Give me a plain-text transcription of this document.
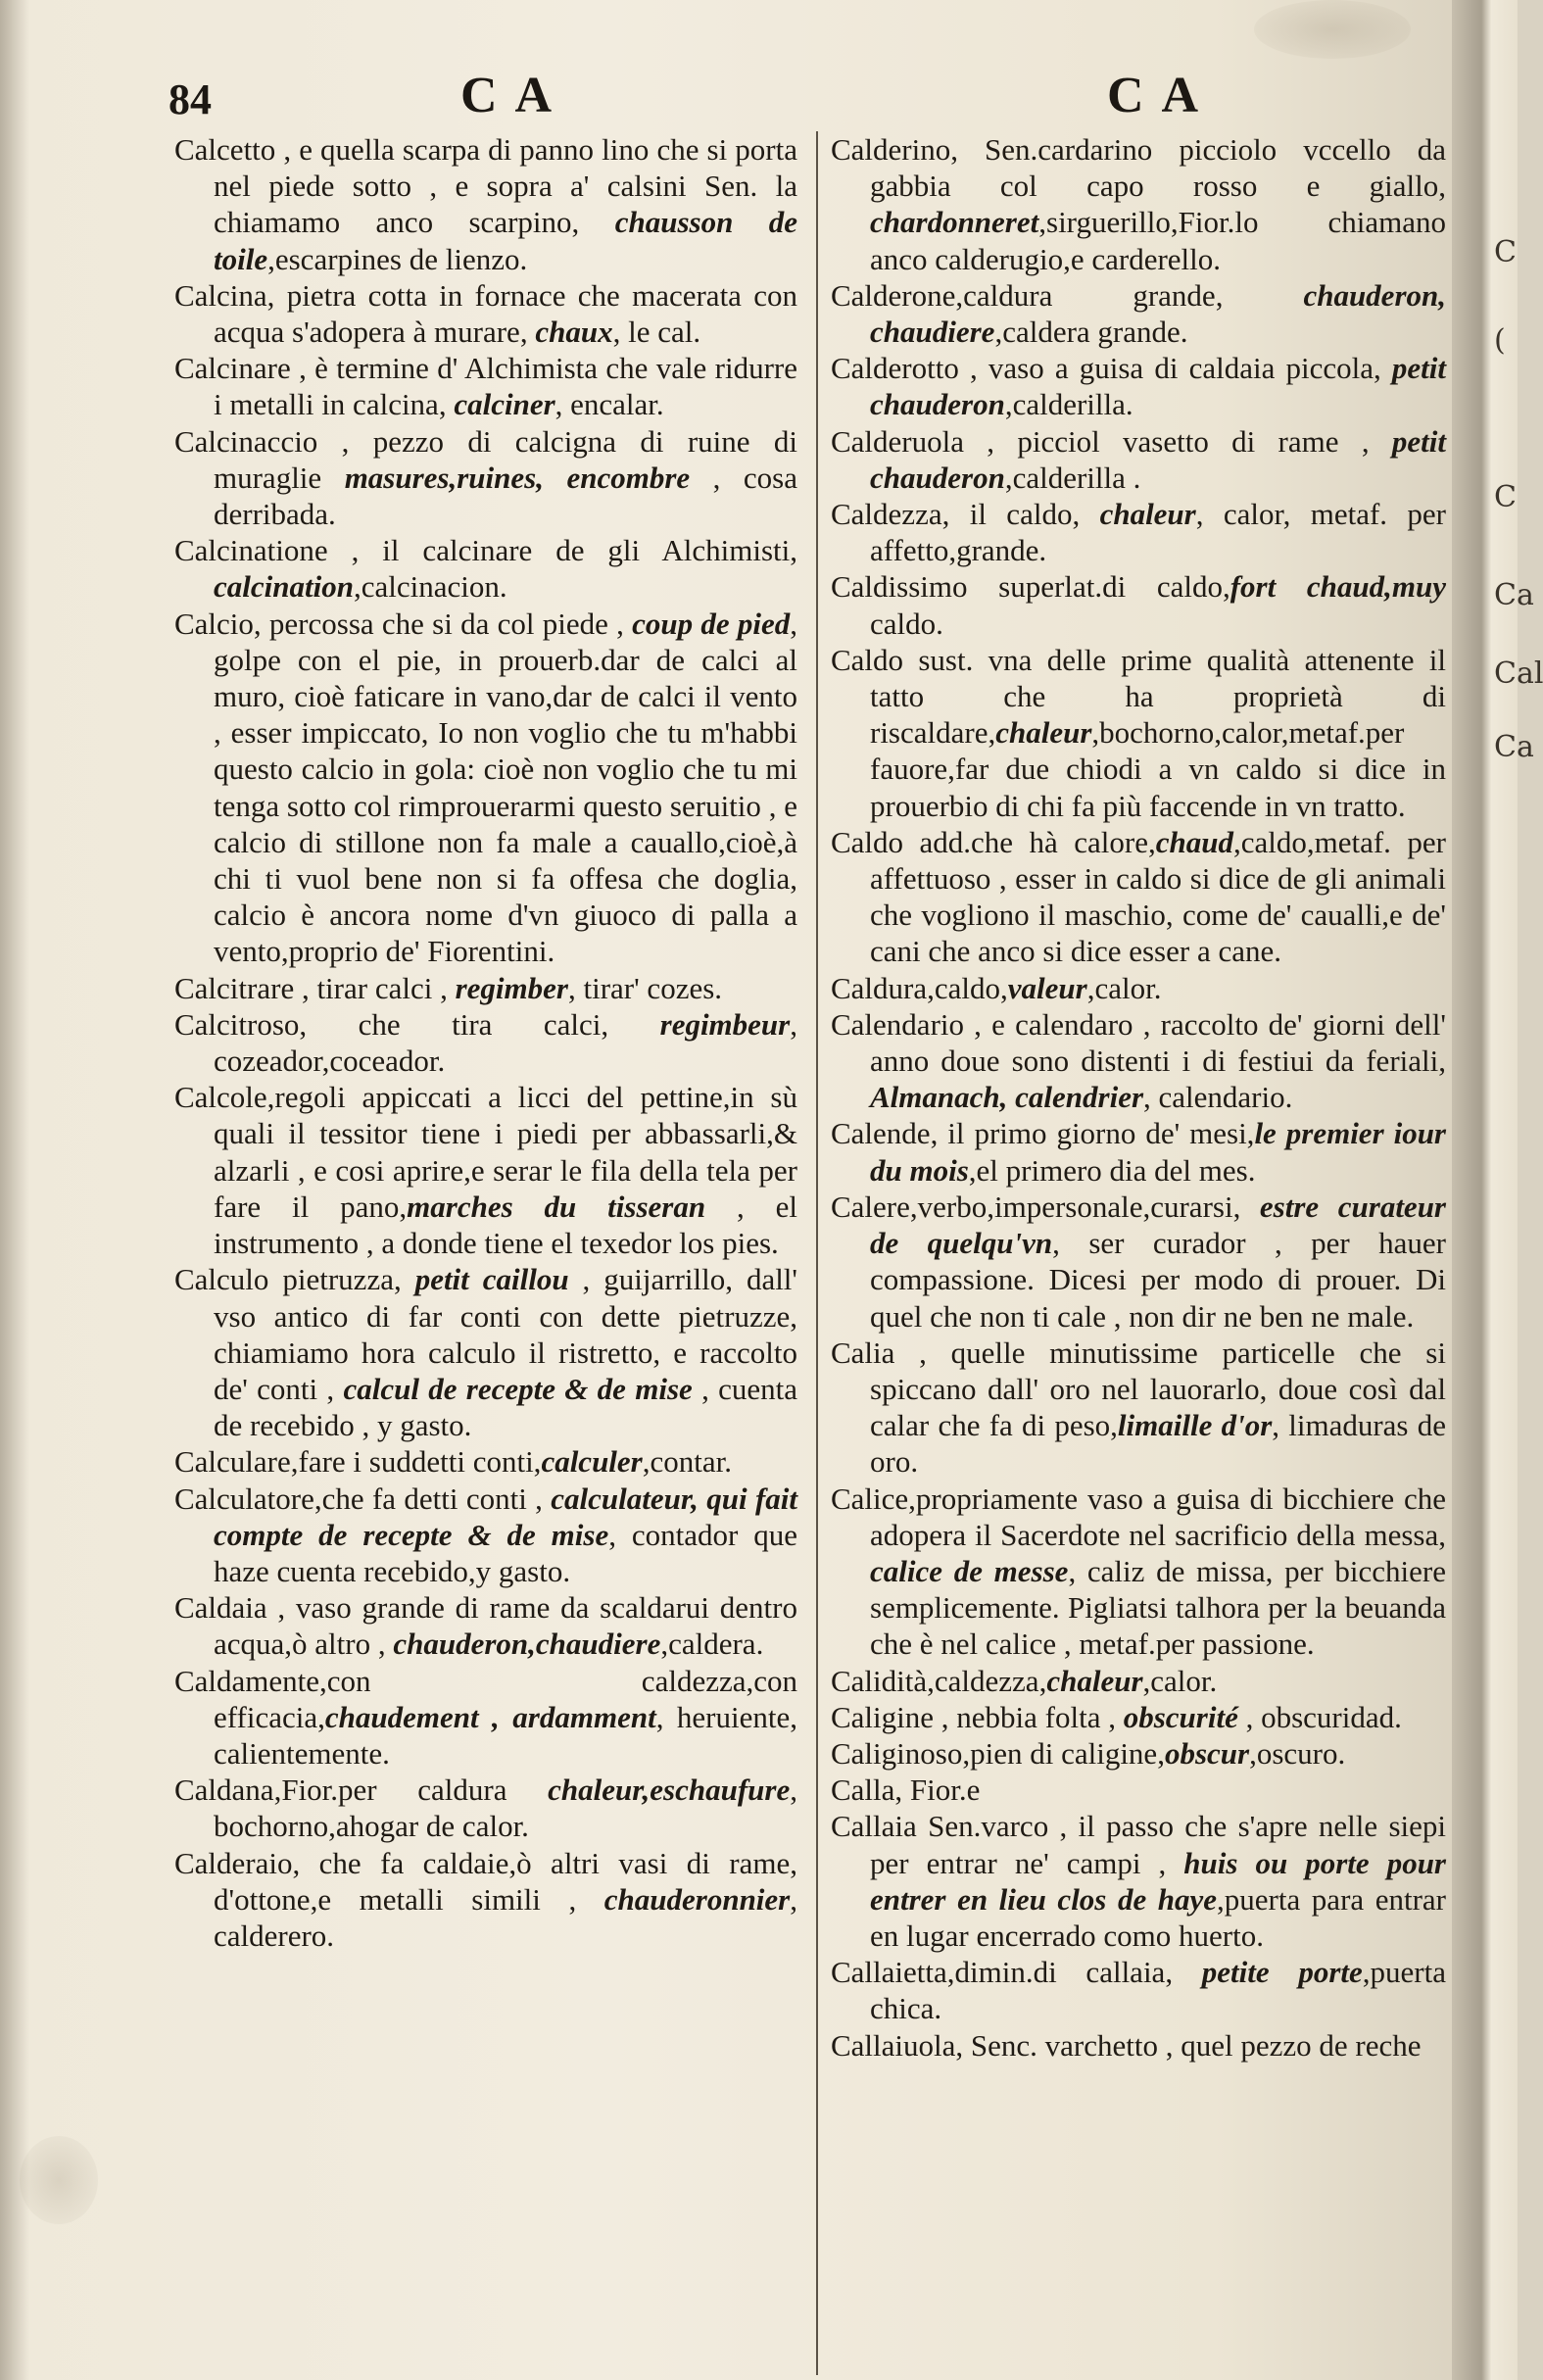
84	CA	CA

Calcetto , e quella scarpa di panno lino che si porta nel piede sotto , e sopra a' calsini Sen. la chiamamo anco scarpino, chausson de toile,escarpines de lienzo.

Calcina, pietra cotta in fornace che macerata con acqua s'adopera à murare, chaux, le cal.

Calcinare , è termine d' Alchimista che vale ridurre i metalli in calcina, calciner, encalar.

Calcinaccio , pezzo di calcigna di ruine di muraglie masures,ruines, encombre , cosa derribada.

Calcinatione , il calcinare de gli Alchimisti, calcination,calcinacion.

Calcio, percossa che si da col piede , coup de pied, golpe con el pie, in prouerb.dar de calci al muro, cioè faticare in vano,dar de calci il vento , esser impiccato, Io non voglio che tu m'habbi questo calcio in gola: cioè non voglio che tu mi tenga sotto col rimprouerarmi questo seruitio , e calcio di stillone non fa male a cauallo,cioè,à chi ti vuol bene non si fa offesa che doglia, calcio è ancora nome d'vn giuoco di palla a vento,proprio de' Fiorentini.

Calcitrare , tirar calci , regimber, tirar' cozes.

Calcitroso, che tira calci, regimbeur, cozeador,coceador.

Calcole,regoli appiccati a licci del pettine,in sù quali il tessitor tiene i piedi per abbassarli,& alzarli , e cosi aprire,e serar le fila della tela per fare il pano,marches du tisseran , el instrumento , a donde tiene el texedor los pies.

Calculo pietruzza, petit caillou , guijarrillo, dall' vso antico di far conti con dette pietruzze, chiamiamo hora calculo il ristretto, e raccolto de' conti , calcul de recepte & de mise , cuenta de recebido , y gasto.

Calculare,fare i suddetti conti,calculer,contar.

Calculatore,che fa detti conti , calculateur, qui fait compte de recepte & de mise, contador que haze cuenta recebido,y gasto.

Caldaia , vaso grande di rame da scaldarui dentro acqua,ò altro , chauderon,chaudiere,caldera.

Caldamente,con caldezza,con efficacia,chaudement , ardamment, heruiente, calientemente.

Caldana,Fior.per caldura chaleur,eschaufure, bochorno,ahogar de calor.

Calderaio, che fa caldaie,ò altri vasi di rame, d'ottone,e metalli simili , chauderonnier, calderero.

Calderino, Sen.cardarino picciolo vccello da gabbia col capo rosso e giallo, chardonneret,sirguerillo,Fior.lo chiamano anco calderugio,e carderello.

Calderone,caldura grande, chauderon, chaudiere,caldera grande.

Calderotto , vaso a guisa di caldaia piccola, petit chauderon,calderilla.

Calderuola , picciol vasetto di rame , petit chauderon,calderilla .

Caldezza, il caldo, chaleur, calor, metaf. per affetto,grande.

Caldissimo superlat.di caldo,fort chaud,muy caldo.

Caldo sust. vna delle prime qualità attenente il tatto che ha proprietà di riscaldare,chaleur,bochorno,calor,metaf.per fauore,far due chiodi a vn caldo si dice in prouerbio di chi fa più faccende in vn tratto.

Caldo add.che hà calore,chaud,caldo,metaf. per affettuoso , esser in caldo si dice de gli animali che vogliono il maschio, come de' caualli,e de' cani che anco si dice esser a cane.

Caldura,caldo,valeur,calor.

Calendario , e calendaro , raccolto de' giorni dell' anno doue sono distenti i di festiui da feriali, Almanach, calendrier, calendario.

Calende, il primo giorno de' mesi,le premier iour du mois,el primero dia del mes.

Calere,verbo,impersonale,curarsi, estre curateur de quelqu'vn, ser curador , per hauer compassione. Dicesi per modo di prouer. Di quel che non ti cale , non dir ne ben ne male.

Calia , quelle minutissime particelle che si spiccano dall' oro nel lauorarlo, doue così dal calar che fa di peso,limaille d'or, limaduras de oro.

Calice,propriamente vaso a guisa di bicchiere che adopera il Sacerdote nel sacrificio della messa, calice de messe, caliz de missa, per bicchiere semplicemente. Pigliatsi talhora per la beuanda che è nel calice , metaf.per passione.

Calidità,caldezza,chaleur,calor.

Caligine , nebbia folta , obscurité , obscuridad.

Caliginoso,pien di caligine,obscur,oscuro.

Calla, Fior.e

Callaia Sen.varco , il passo che s'apre nelle siepi per entrar ne' campi , huis ou porte pour entrer en lieu clos de haye,puerta para entrar en lugar encerrado como huerto.

Callaietta,dimin.di callaia, petite porte,puerta chica.

Callaiuola, Senc. varchetto , quel pezzo de reche

C
(
C
Ca
Cal
Ca
